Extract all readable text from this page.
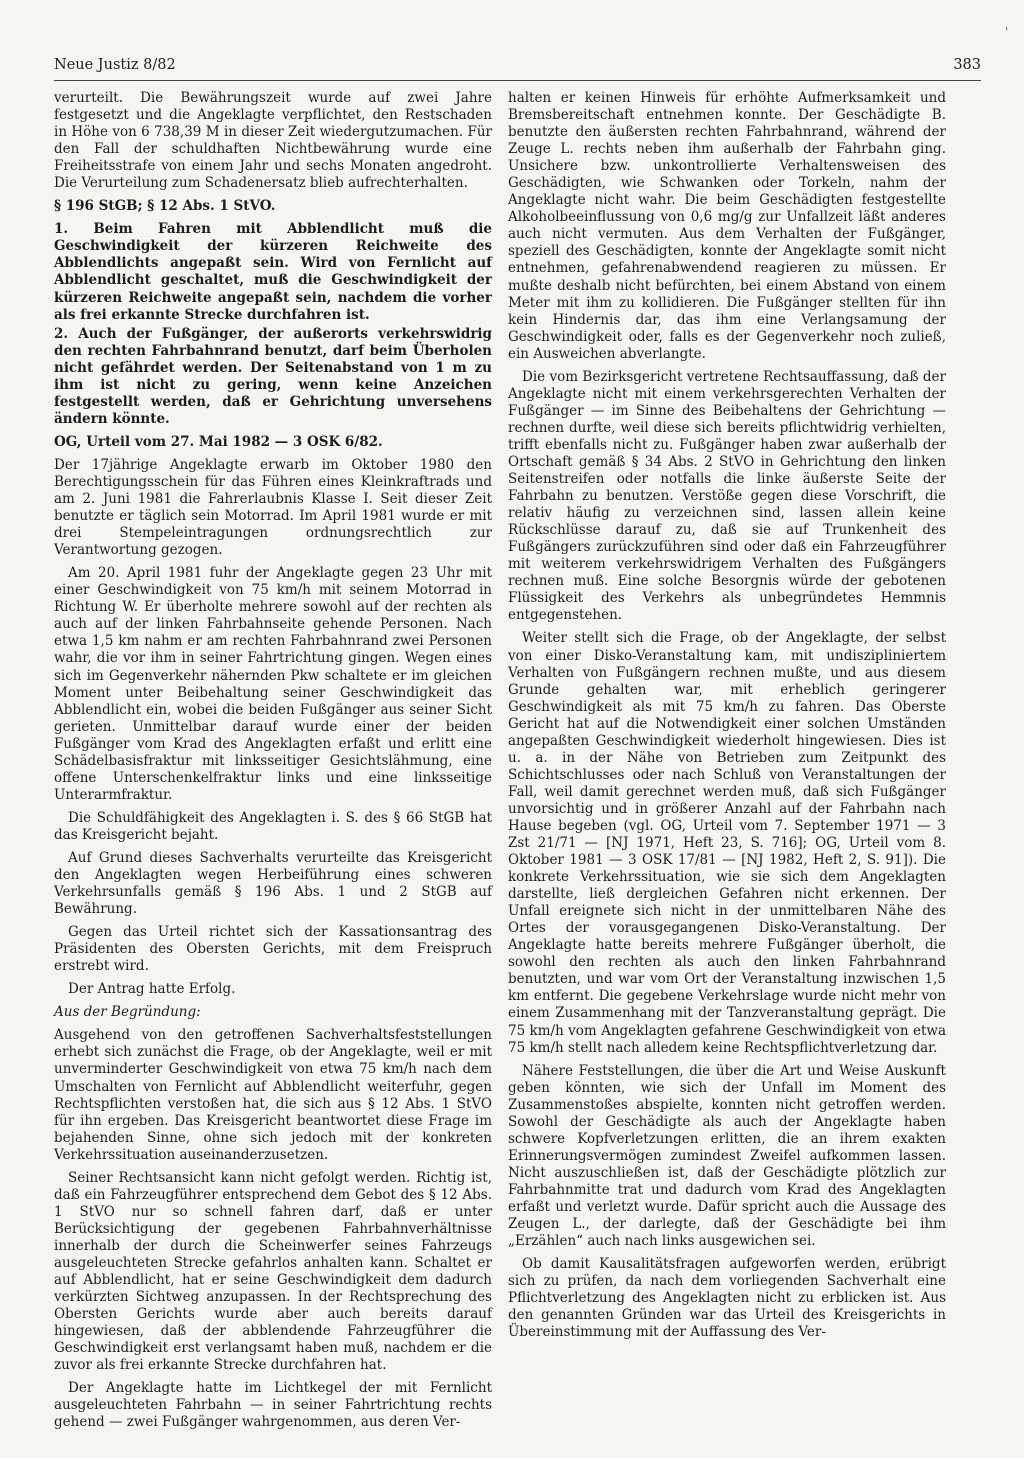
'
Neue Justiz 8/82	383

verurteilt. Die Bewährungszeit wurde auf zwei Jahre festgesetzt und die Angeklagte verpflichtet, den Restschaden in Höhe von 6 738,39 M in dieser Zeit wiedergutzumachen. Für den Fall der schuldhaften Nichtbewährung wurde eine Freiheitsstrafe von einem Jahr und sechs Monaten angedroht. Die Verurteilung zum Schadenersatz blieb aufrechterhalten.

§ 196 StGB; § 12 Abs. 1 StVO.

1. Beim Fahren mit Abblendlicht muß die Geschwindigkeit der kürzeren Reichweite des Abblendlichts angepaßt sein. Wird von Fernlicht auf Abblendlicht geschaltet, muß die Geschwindigkeit der kürzeren Reichweite angepaßt sein, nachdem die vorher als frei erkannte Strecke durchfahren ist.

2. Auch der Fußgänger, der außerorts verkehrswidrig den rechten Fahrbahnrand benutzt, darf beim Überholen nicht gefährdet werden. Der Seitenabstand von 1 m zu ihm ist nicht zu gering, wenn keine Anzeichen festgestellt werden, daß er Gehrichtung unversehens ändern könnte.

OG, Urteil vom 27. Mai 1982 — 3 OSK 6/82.

Der 17jährige Angeklagte erwarb im Oktober 1980 den Berechtigungsschein für das Führen eines Kleinkraftrads und am 2. Juni 1981 die Fahrerlaubnis Klasse I. Seit dieser Zeit benutzte er täglich sein Motorrad. Im April 1981 wurde er mit drei Stempeleintragungen ordnungsrechtlich zur Verantwortung gezogen.

Am 20. April 1981 fuhr der Angeklagte gegen 23 Uhr mit einer Geschwindigkeit von 75 km/h mit seinem Motorrad in Richtung W. Er überholte mehrere sowohl auf der rechten als auch auf der linken Fahrbahnseite gehende Personen. Nach etwa 1,5 km nahm er am rechten Fahrbahnrand zwei Personen wahr, die vor ihm in seiner Fahrtrichtung gingen. Wegen eines sich im Gegenverkehr nähernden Pkw schaltete er im gleichen Moment unter Beibehaltung seiner Geschwindigkeit das Abblendlicht ein, wobei die beiden Fußgänger aus seiner Sicht gerieten. Unmittelbar darauf wurde einer der beiden Fußgänger vom Krad des Angeklagten erfaßt und erlitt eine Schädelbasisfraktur mit linksseitiger Gesichtslähmung, eine offene Unterschenkelfraktur links und eine linksseitige Unterarmfraktur.

Die Schuldfähigkeit des Angeklagten i. S. des § 66 StGB hat das Kreisgericht bejaht.

Auf Grund dieses Sachverhalts verurteilte das Kreisgericht den Angeklagten wegen Herbeiführung eines schweren Verkehrsunfalls gemäß § 196 Abs. 1 und 2 StGB auf Bewährung.

Gegen das Urteil richtet sich der Kassationsantrag des Präsidenten des Obersten Gerichts, mit dem Freispruch erstrebt wird.

Der Antrag hatte Erfolg.

Aus der Begründung:

Ausgehend von den getroffenen Sachverhaltsfeststellungen erhebt sich zunächst die Frage, ob der Angeklagte, weil er mit unverminderter Geschwindigkeit von etwa 75 km/h nach dem Umschalten von Fernlicht auf Abblendlicht weiterfuhr, gegen Rechtspflichten verstoßen hat, die sich aus § 12 Abs. 1 StVO für ihn ergeben. Das Kreisgericht beantwortet diese Frage im bejahenden Sinne, ohne sich jedoch mit der konkreten Verkehrssituation auseinanderzusetzen.

Seiner Rechtsansicht kann nicht gefolgt werden. Richtig ist, daß ein Fahrzeugführer entsprechend dem Gebot des § 12 Abs. 1 StVO nur so schnell fahren darf, daß er unter Berücksichtigung der gegebenen Fahrbahnverhältnisse innerhalb der durch die Scheinwerfer seines Fahrzeugs ausgeleuchteten Strecke gefahrlos anhalten kann. Schaltet er auf Abblendlicht, hat er seine Geschwindigkeit dem dadurch verkürzten Sichtweg anzupassen. In der Rechtsprechung des Obersten Gerichts wurde aber auch bereits darauf hingewiesen, daß der abblendende Fahrzeugführer die Geschwindigkeit erst verlangsamt haben muß, nachdem er die zuvor als frei erkannte Strecke durchfahren hat.

Der Angeklagte hatte im Lichtkegel der mit Fernlicht ausgeleuchteten Fahrbahn — in seiner Fahrtrichtung rechts gehend — zwei Fußgänger wahrgenommen, aus deren Ver-

halten er keinen Hinweis für erhöhte Aufmerksamkeit und Bremsbereitschaft entnehmen konnte. Der Geschädigte B. benutzte den äußersten rechten Fahrbahnrand, während der Zeuge L. rechts neben ihm außerhalb der Fahrbahn ging. Unsichere bzw. unkontrollierte Verhaltensweisen des Geschädigten, wie Schwanken oder Torkeln, nahm der Angeklagte nicht wahr. Die beim Geschädigten festgestellte Alkoholbeeinflussung von 0,6 mg/g zur Unfallzeit läßt anderes auch nicht vermuten. Aus dem Verhalten der Fußgänger, speziell des Geschädigten, konnte der Angeklagte somit nicht entnehmen, gefahrenabwendend reagieren zu müssen. Er mußte deshalb nicht befürchten, bei einem Abstand von einem Meter mit ihm zu kollidieren. Die Fußgänger stellten für ihn kein Hindernis dar, das ihm eine Verlangsamung der Geschwindigkeit oder, falls es der Gegenverkehr noch zuließ, ein Ausweichen abverlangte.

Die vom Bezirksgericht vertretene Rechtsauffassung, daß der Angeklagte nicht mit einem verkehrsgerechten Verhalten der Fußgänger — im Sinne des Beibehaltens der Gehrichtung — rechnen durfte, weil diese sich bereits pflichtwidrig verhielten, trifft ebenfalls nicht zu. Fußgänger haben zwar außerhalb der Ortschaft gemäß § 34 Abs. 2 StVO in Gehrichtung den linken Seitenstreifen oder notfalls die linke äußerste Seite der Fahrbahn zu benutzen. Verstöße gegen diese Vorschrift, die relativ häufig zu verzeichnen sind, lassen allein keine Rückschlüsse darauf zu, daß sie auf Trunkenheit des Fußgängers zurückzuführen sind oder daß ein Fahrzeugführer mit weiterem verkehrswidrigem Verhalten des Fußgängers rechnen muß. Eine solche Besorgnis würde der gebotenen Flüssigkeit des Verkehrs als unbegründetes Hemmnis entgegenstehen.

Weiter stellt sich die Frage, ob der Angeklagte, der selbst von einer Disko-Veranstaltung kam, mit undiszipliniertem Verhalten von Fußgängern rechnen mußte, und aus diesem Grunde gehalten war, mit erheblich geringerer Geschwindigkeit als mit 75 km/h zu fahren. Das Oberste Gericht hat auf die Notwendigkeit einer solchen Umständen angepaßten Geschwindigkeit wiederholt hingewiesen. Dies ist u. a. in der Nähe von Betrieben zum Zeitpunkt des Schichtschlusses oder nach Schluß von Veranstaltungen der Fall, weil damit gerechnet werden muß, daß sich Fußgänger unvorsichtig und in größerer Anzahl auf der Fahrbahn nach Hause begeben (vgl. OG, Urteil vom 7. September 1971 — 3 Zst 21/71 — [NJ 1971, Heft 23, S. 716]; OG, Urteil vom 8. Oktober 1981 — 3 OSK 17/81 — [NJ 1982, Heft 2, S. 91]). Die konkrete Verkehrssituation, wie sie sich dem Angeklagten darstellte, ließ dergleichen Gefahren nicht erkennen. Der Unfall ereignete sich nicht in der unmittelbaren Nähe des Ortes der vorausgegangenen Disko-Veranstaltung. Der Angeklagte hatte bereits mehrere Fußgänger überholt, die sowohl den rechten als auch den linken Fahrbahnrand benutzten, und war vom Ort der Veranstaltung inzwischen 1,5 km entfernt. Die gegebene Verkehrslage wurde nicht mehr von einem Zusammenhang mit der Tanzveranstaltung geprägt. Die 75 km/h vom Angeklagten gefahrene Geschwindigkeit von etwa 75 km/h stellt nach alledem keine Rechtspflichtverletzung dar.

Nähere Feststellungen, die über die Art und Weise Auskunft geben könnten, wie sich der Unfall im Moment des Zusammenstoßes abspielte, konnten nicht getroffen werden. Sowohl der Geschädigte als auch der Angeklagte haben schwere Kopfverletzungen erlitten, die an ihrem exakten Erinnerungsvermögen zumindest Zweifel aufkommen lassen. Nicht auszuschließen ist, daß der Geschädigte plötzlich zur Fahrbahnmitte trat und dadurch vom Krad des Angeklagten erfaßt und verletzt wurde. Dafür spricht auch die Aussage des Zeugen L., der darlegte, daß der Geschädigte bei ihm „Erzählen“ auch nach links ausgewichen sei.

Ob damit Kausalitätsfragen aufgeworfen werden, erübrigt sich zu prüfen, da nach dem vorliegenden Sachverhalt eine Pflichtverletzung des Angeklagten nicht zu erblicken ist. Aus den genannten Gründen war das Urteil des Kreisgerichts in Übereinstimmung mit der Auffassung des Ver-
